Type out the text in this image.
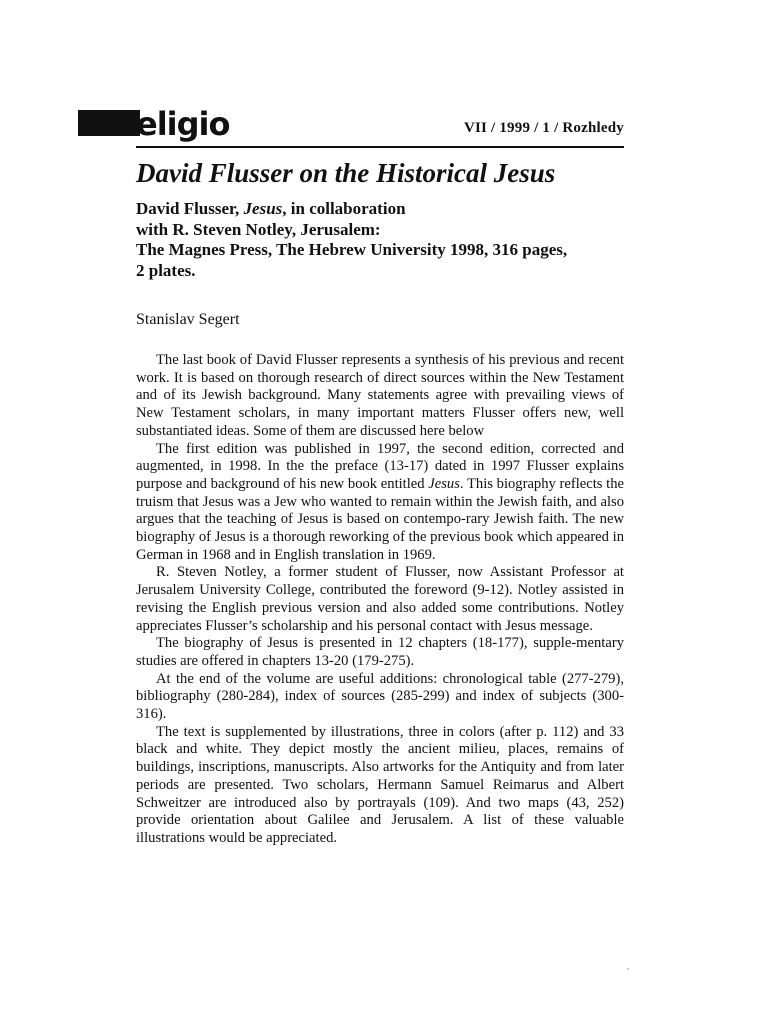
eligio	VII / 1999 / 1 / Rozhledy
David Flusser on the Historical Jesus
David Flusser, Jesus, in collaboration
with R. Steven Notley, Jerusalem:
The Magnes Press, The Hebrew University 1998, 316 pages,
2 plates.
Stanislav Segert

The last book of David Flusser represents a synthesis of his previous and recent work. It is based on thorough research of direct sources within the New Testament and of its Jewish background. Many statements agree with prevailing views of New Testament scholars, in many important matters Flusser offers new, well substantiated ideas. Some of them are discussed here below

The first edition was published in 1997, the second edition, corrected and augmented, in 1998. In the the preface (13-17) dated in 1997 Flusser explains purpose and background of his new book entitled Jesus. This biography reflects the truism that Jesus was a Jew who wanted to remain within the Jewish faith, and also argues that the teaching of Jesus is based on contempo-rary Jewish faith. The new biography of Jesus is a thorough reworking of the previous book which appeared in German in 1968 and in English translation in 1969.

R. Steven Notley, a former student of Flusser, now Assistant Professor at Jerusalem University College, contributed the foreword (9-12). Notley assisted in revising the English previous version and also added some contributions. Notley appreciates Flusser’s scholarship and his personal contact with Jesus message.

The biography of Jesus is presented in 12 chapters (18-177), supple-mentary studies are offered in chapters 13-20 (179-275).

At the end of the volume are useful additions: chronological table (277-279), bibliography (280-284), index of sources (285-299) and index of subjects (300-316).

The text is supplemented by illustrations, three in colors (after p. 112) and 33 black and white. They depict mostly the ancient milieu, places, remains of buildings, inscriptions, manuscripts. Also artworks for the Antiquity and from later periods are presented. Two scholars, Hermann Samuel Reimarus and Albert Schweitzer are introduced also by portrayals (109). And two maps (43, 252) provide orientation about Galilee and Jerusalem. A list of these valuable illustrations would be appreciated.
